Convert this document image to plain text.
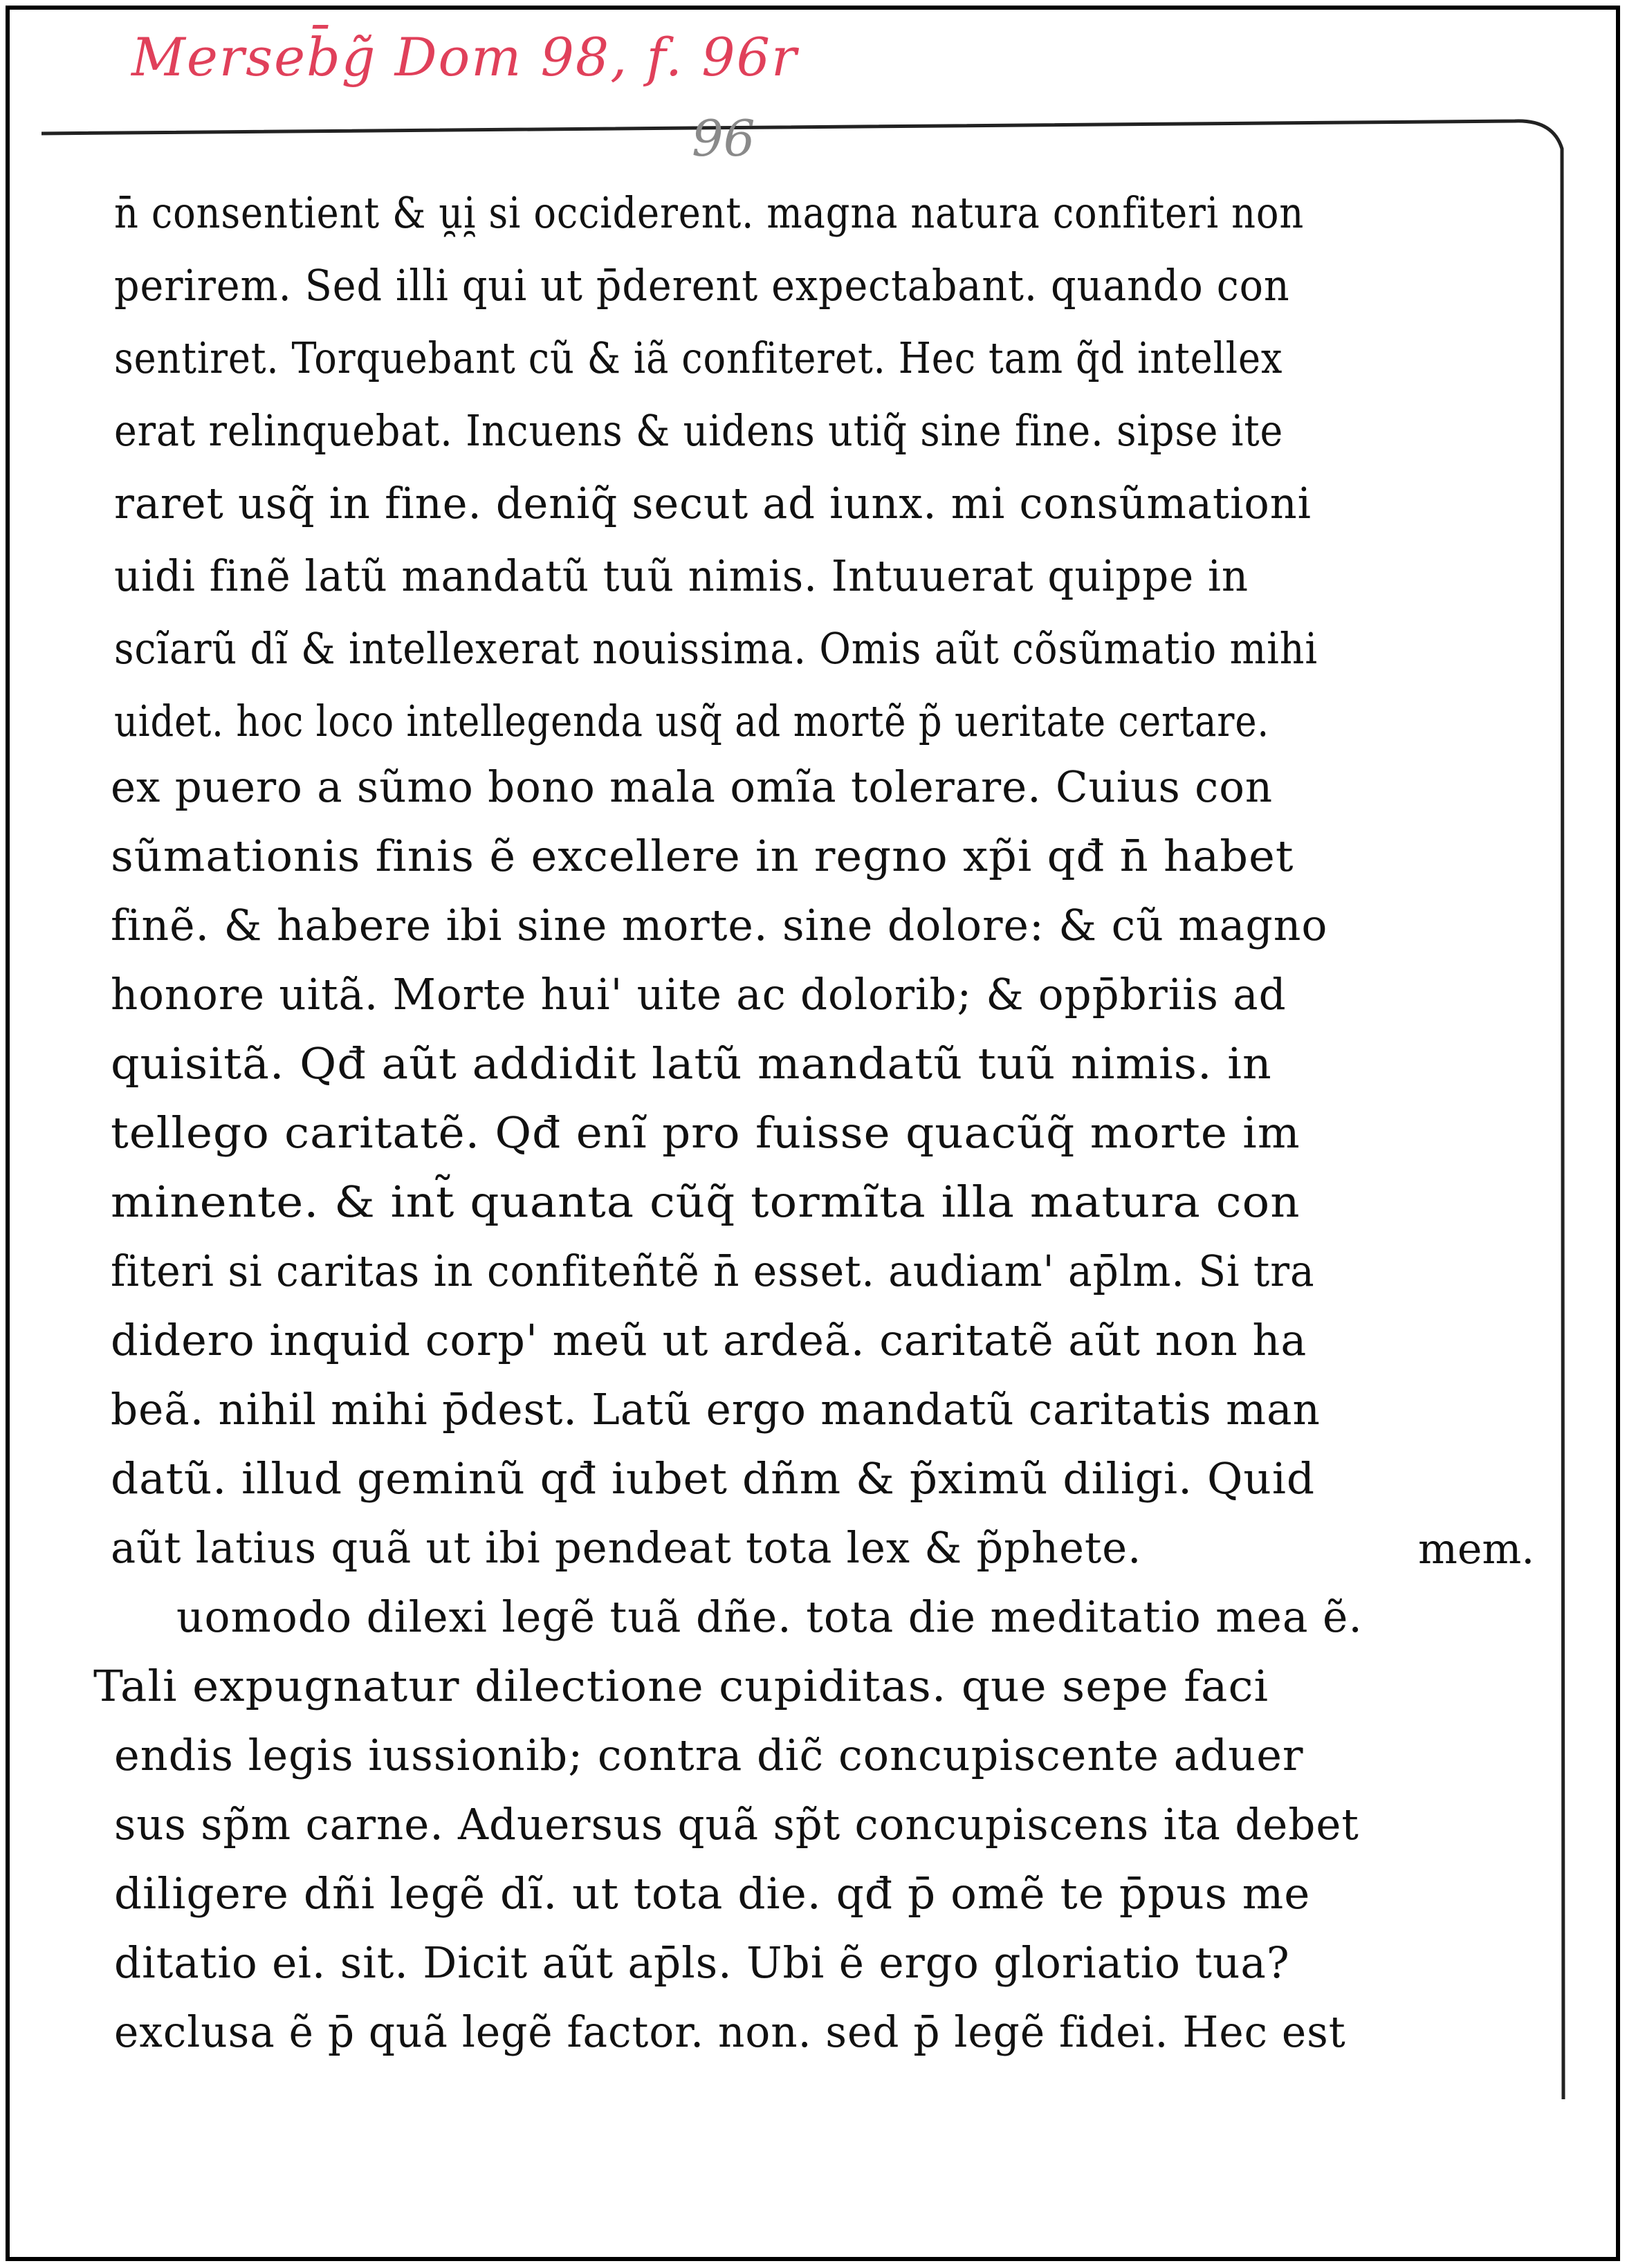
Merseb̄g̃ Dom 98, f. 96r
96
n̄ consentient & u̯i̯ si occiderent. magna natura confiteri non
perirem. Sed illi qui ut p̄derent expectabant. quando con
sentiret. Torquebant cũ & iã confiteret. Hec tam q̃d intellex
erat relinquebat. Incuens & uidens utiq̃ sine fine. sipse ite
raret usq̃ in fine. deniq̃ secut ad iunx. mi consũmationi
uidi finẽ latũ mandatũ tuũ nimis. Intuuerat quippe in
scĩarũ dĩ & intellexerat nouissima. Omis aũt cõsũmatio mihi
uidet. hoc loco intellegenda usq̃ ad mortẽ p̃ ueritate certare.
ex puero a sũmo bono mala omĩa tolerare. Cuius con
sũmationis finis ẽ excellere in regno xp̃i qđ n̄ habet
finẽ. & habere ibi sine morte. sine dolore: & cũ magno
honore uitã. Morte hui' uite ac dolorib; & opp̄briis ad
quisitã. Qđ aũt addidit latũ mandatũ tuũ nimis. in
tellego caritatẽ. Qđ enĩ pro fuisse quacũq̃ morte im
minente. & int̃ quanta cũq̃ tormĩta illa matura con
fiteri si caritas in confiteñtẽ n̄ esset. audiam' ap̄lm. Si tra
didero inquid corp' meũ ut ardeã. caritatẽ aũt non ha
beã. nihil mihi p̄dest. Latũ ergo mandatũ caritatis man
datũ. illud geminũ qđ iubet dñm & p̃ximũ diligi. Quid
aũt latius quã ut ibi pendeat tota lex & p̃phete.
uomodo dilexi legẽ tuã dñe. tota die meditatio mea ẽ.
Tali expugnatur dilectione cupiditas. que sepe faci
endis legis iussionib; contra dic̃ concupiscente aduer
sus sp̃m carne. Aduersus quã sp̃t concupiscens ita debet
diligere dñi legẽ dĩ. ut tota die. qđ p̄ omẽ te p̄pus me
ditatio ei. sit. Dicit aũt ap̄ls. Ubi ẽ ergo gloriatio tua?
exclusa ẽ p̄ quã legẽ factor. non. sed p̄ legẽ fidei. Hec est
mem.
